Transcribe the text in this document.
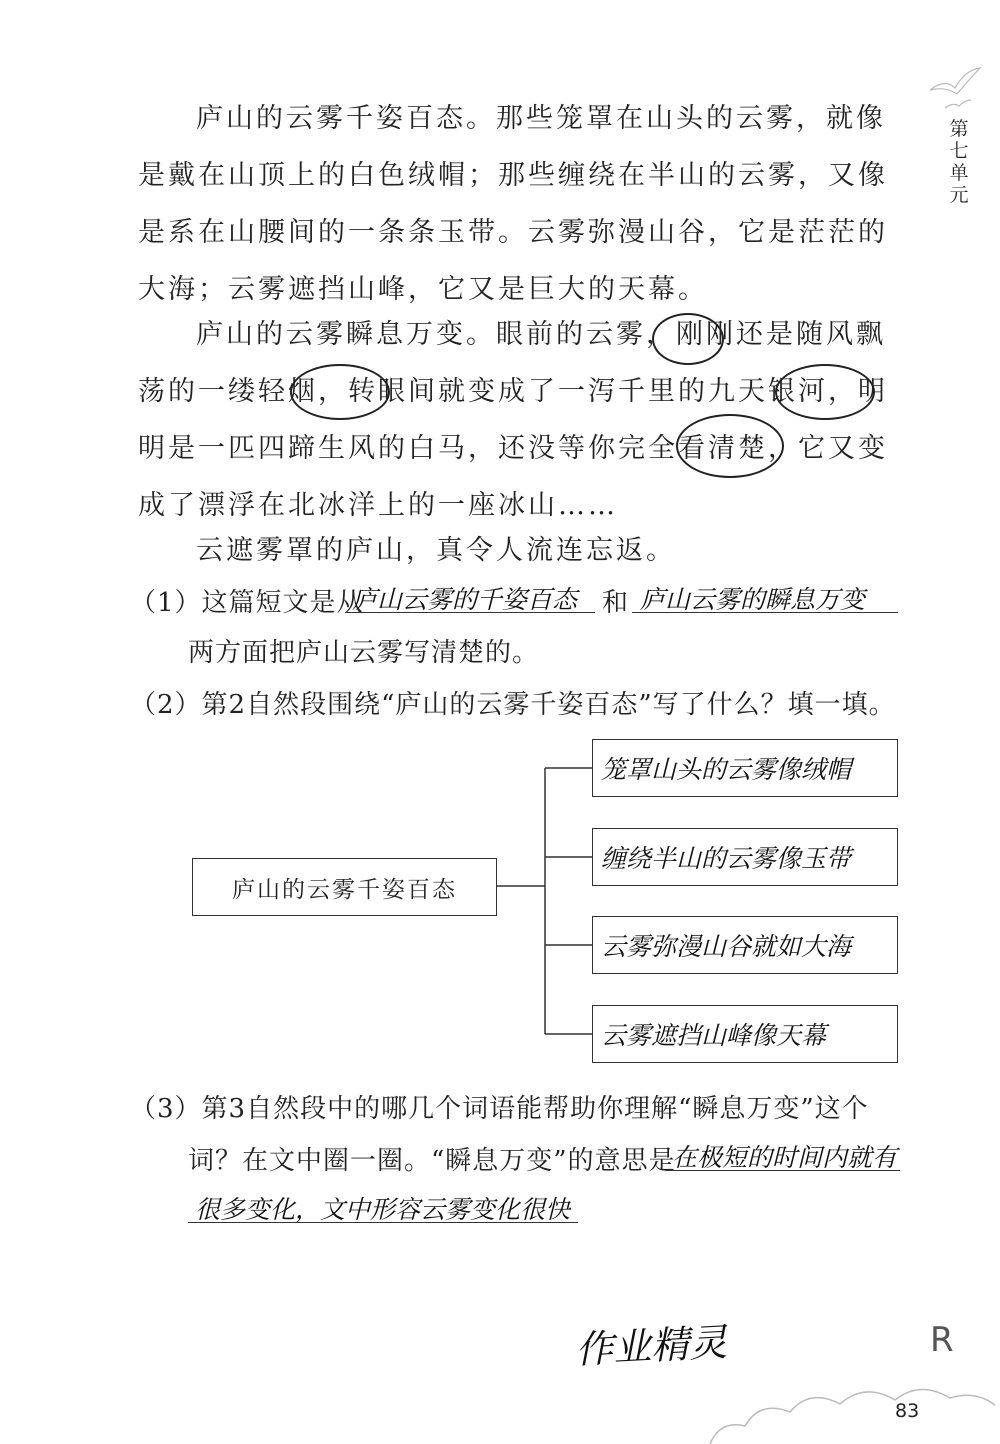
第七单元

庐山的云雾千姿百态。那些笼罩在山头的云雾，就像是戴在山顶上的白色绒帽；那些缠绕在半山的云雾，又像是系在山腰间的一条条玉带。云雾弥漫山谷，它是茫茫的大海；云雾遮挡山峰，它又是巨大的天幕。

庐山的云雾瞬息万变。眼前的云雾，刚刚还是随风飘荡的一缕轻烟，转眼间就变成了一泻千里的九天银河，明明是一匹四蹄生风的白马，还没等你完全看清楚，它又变成了漂浮在北冰洋上的一座冰山……

云遮雾罩的庐山，真令人流连忘返。

（1）这篇短文是从
庐山云雾的千姿百态 和 庐山云雾的瞬息万变
两方面把庐山云雾写清楚的。
（2）第2自然段围绕“庐山的云雾千姿百态”写了什么？填一填。
庐山的云雾千姿百态
笼罩山头的云雾像绒帽
缠绕半山的云雾像玉带
云雾弥漫山谷就如大海
云雾遮挡山峰像天幕
（3）第3自然段中的哪几个词语能帮助你理解“瞬息万变”这个
词？在文中圈一圈。“瞬息万变”的意思是
在极短的时间内就有
很多变化，文中形容云雾变化很快
作业精灵	R
83
